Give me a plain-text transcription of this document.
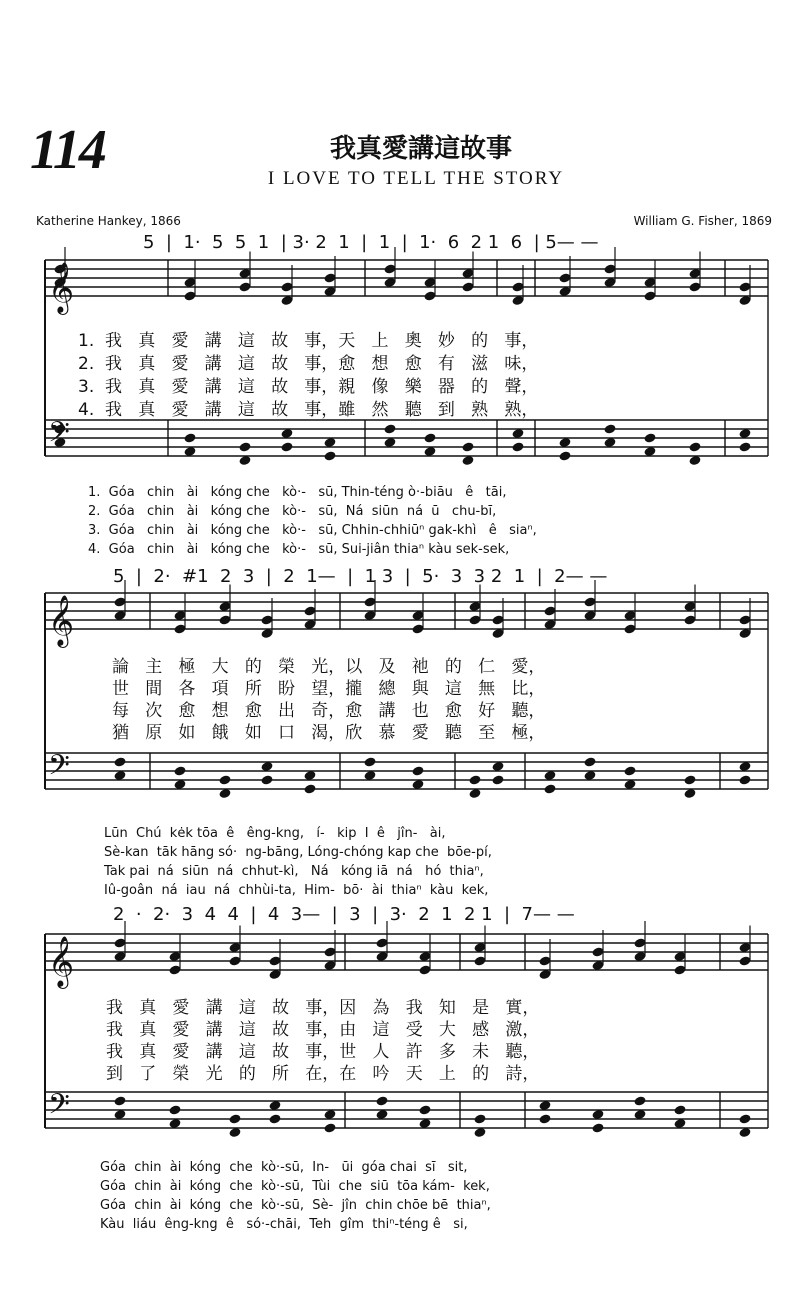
114	我真愛講這故事
I LOVE TO TELL THE STORY
Katherine Hankey, 1866	William G. Fisher, 1869
𝄞
𝄢
𝄞
𝄢
𝄞
𝄢
5  |  1·  5  5  1  | 3· 2  1  |  1  |  1·  6  2 1  6  | 5— —
1.  我   真   愛   講   這   故   事，天   上   奧   妙   的   事，
2.  我   真   愛   講   這   故   事，愈   想   愈   有   滋   味，
3.  我   真   愛   講   這   故   事，親   像   樂   器   的   聲，
4.  我   真   愛   講   這   故   事，雖   然   聽   到   熟   熟，
1.  Góa   chin   ài   kóng che   kò·-   sū, Thin-téng ò·-biāu   ê   tāi,
2.  Góa   chin   ài   kóng che   kò·-   sū,  Ná  siūn  ná  ū   chu-bī,
3.  Góa   chin   ài   kóng che   kò·-   sū, Chhin-chhiūⁿ gak-khì   ê   siaⁿ,
4.  Góa   chin   ài   kóng che   kò·-   sū, Sui-jiân thiaⁿ kàu sek-sek,
5  |  2·  #1  2  3  |  2  1—  |  1 3  |  5·  3  3 2  1  |  2— —
論   主   極   大   的   榮   光，以   及   祂   的   仁   愛，
世   間   各   項   所   盼   望，攏   總   與   這   無   比，
每   次   愈   想   愈   出   奇，愈   講   也   愈   好   聽，
猶   原   如   餓   如   口   渴，欣   慕   愛   聽   至   極，
Lūn  Chú  kėk tōa  ê   êng-kng,   í-   kip  I  ê   jîn-   ài,
Sè-kan  tāk hāng só·  ng-bāng, Lóng-chóng kap che  bōe-pí,
Tak pai  ná  siūn  ná  chhut-kì,   Ná   kóng iā  ná   hó  thiaⁿ,
Iû-goân  ná  iau  ná  chhùi-ta,  Him-  bō·  ài  thiaⁿ  kàu  kek,
2  ·  2·  3  4  4  |  4  3—  |  3  |  3·  2  1  2 1  |  7— —
我   真   愛   講   這   故   事，因   為   我   知   是   實，
我   真   愛   講   這   故   事，由   這   受   大   感   激，
我   真   愛   講   這   故   事，世   人   許   多   未   聽，
到   了   榮   光   的   所   在，在   吟   天   上   的   詩，
Góa  chin  ài  kóng  che  kò·-sū,  In-   ūi  góa chai  sī   sit,
Góa  chin  ài  kóng  che  kò·-sū,  Tùi  che  siū  tōa kám-  kek,
Góa  chin  ài  kóng  che  kò·-sū,  Sè-  jîn  chin chōe bē  thiaⁿ,
Kàu  liáu  êng-kng  ê   só·-chāi,  Teh  gîm  thiⁿ-téng ê   si,
